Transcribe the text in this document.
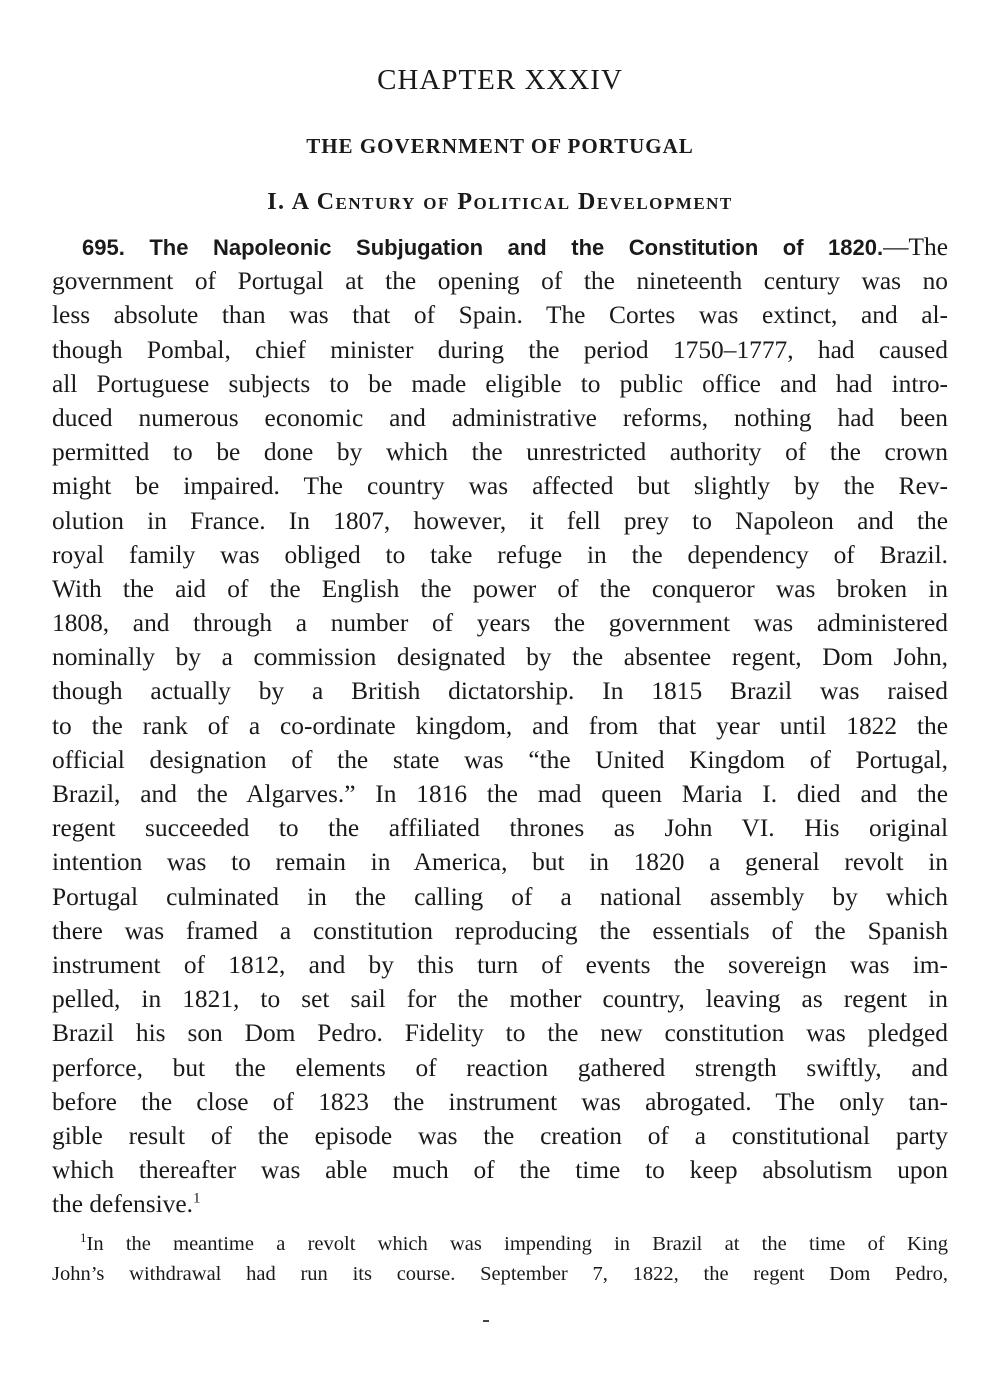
CHAPTER XXXIV
THE GOVERNMENT OF PORTUGAL
I. A Century of Political Development
695. The Napoleonic Subjugation and the Constitution of 1820.—The
government of Portugal at the opening of the nineteenth century was no
less absolute than was that of Spain. The Cortes was extinct, and al-
though Pombal, chief minister during the period 1750–1777, had caused
all Portuguese subjects to be made eligible to public office and had intro-
duced numerous economic and administrative reforms, nothing had been
permitted to be done by which the unrestricted authority of the crown
might be impaired. The country was affected but slightly by the Rev-
olution in France. In 1807, however, it fell prey to Napoleon and the
royal family was obliged to take refuge in the dependency of Brazil.
With the aid of the English the power of the conqueror was broken in
1808, and through a number of years the government was administered
nominally by a commission designated by the absentee regent, Dom John,
though actually by a British dictatorship. In 1815 Brazil was raised
to the rank of a co-ordinate kingdom, and from that year until 1822 the
official designation of the state was “the United Kingdom of Portugal,
Brazil, and the Algarves.” In 1816 the mad queen Maria I. died and the
regent succeeded to the affiliated thrones as John VI. His original
intention was to remain in America, but in 1820 a general revolt in
Portugal culminated in the calling of a national assembly by which
there was framed a constitution reproducing the essentials of the Spanish
instrument of 1812, and by this turn of events the sovereign was im-
pelled, in 1821, to set sail for the mother country, leaving as regent in
Brazil his son Dom Pedro. Fidelity to the new constitution was pledged
perforce, but the elements of reaction gathered strength swiftly, and
before the close of 1823 the instrument was abrogated. The only tan-
gible result of the episode was the creation of a constitutional party
which thereafter was able much of the time to keep absolutism upon
the defensive.$^1$
$^1$In the meantime a revolt which was impending in Brazil at the time of King
John’s withdrawal had run its course. September 7, 1822, the regent Dom Pedro,
